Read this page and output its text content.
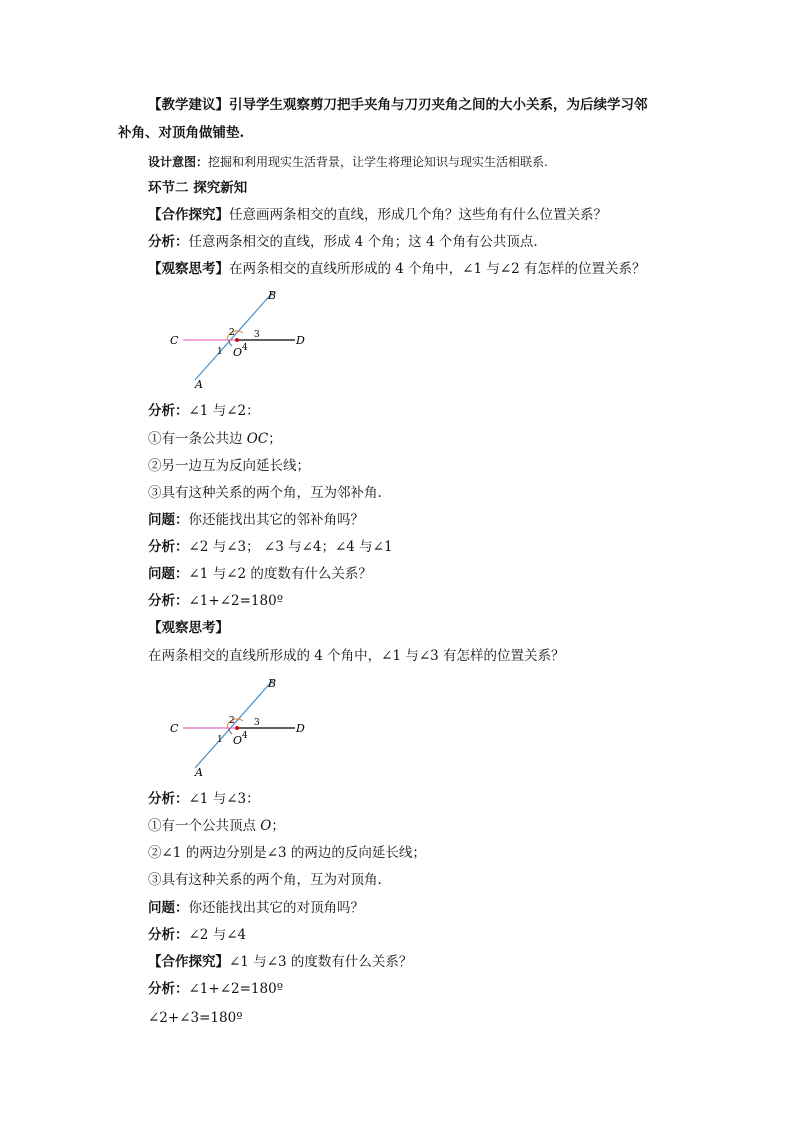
【教学建议】引导学生观察剪刀把手夹角与刀刃夹角之间的大小关系，为后续学习邻
补角、对顶角做铺垫.
设计意图：挖掘和利用现实生活背景，让学生将理论知识与现实生活相联系.
环节二 探究新知
【合作探究】任意画两条相交的直线，形成几个角？这些角有什么位置关系？
分析：任意两条相交的直线，形成 4 个角；这 4 个角有公共顶点.
【观察思考】在两条相交的直线所形成的 4 个角中，∠1 与∠2 有怎样的位置关系？
B
C	D
A
O
1
2 3
4
分析：∠1 与∠2：
①有一条公共边 OC；
②另一边互为反向延长线；
③具有这种关系的两个角，互为邻补角.
问题：你还能找出其它的邻补角吗？
分析：∠2 与∠3； ∠3 与∠4；∠4 与∠1
问题：∠1 与∠2 的度数有什么关系？
分析：∠1+∠2=180º
【观察思考】
在两条相交的直线所形成的 4 个角中，∠1 与∠3 有怎样的位置关系？
B
C	D
A
O
1
2 3
4
分析：∠1 与∠3：
①有一个公共顶点 O；
②∠1 的两边分别是∠3 的两边的反向延长线；
③具有这种关系的两个角，互为对顶角.
问题：你还能找出其它的对顶角吗？
分析：∠2 与∠4
【合作探究】∠1 与∠3 的度数有什么关系？
分析：∠1+∠2=180º
∠2+∠3=180º
